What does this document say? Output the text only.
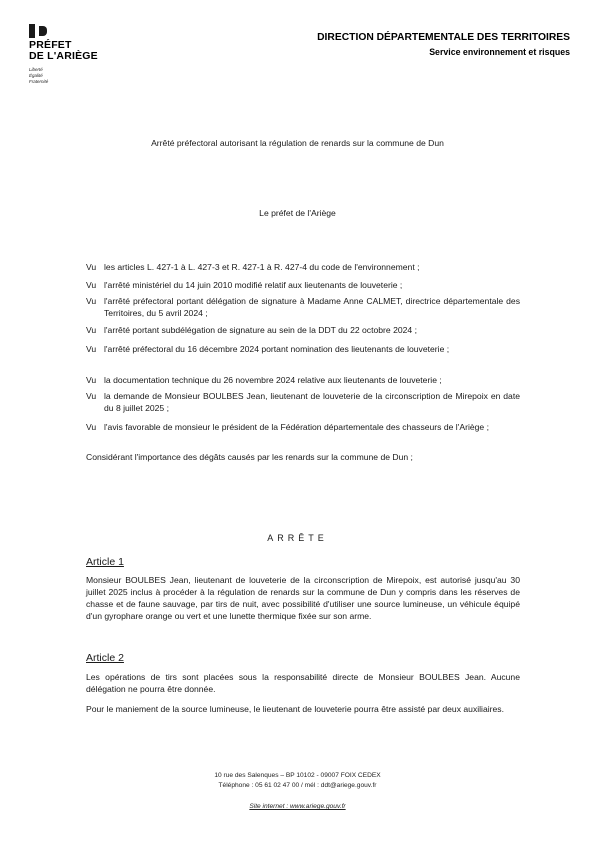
PRÉFET
DE L'ARIÈGE
Liberté
Égalité
Fraternité
DIRECTION DÉPARTEMENTALE DES TERRITOIRES
Service environnement et risques
Arrêté préfectoral autorisant la régulation de renards sur la commune de Dun
Le préfet de l'Ariège
Vu les articles L. 427-1 à L. 427-3 et R. 427-1 à R. 427-4 du code de l'environnement ;
Vu l'arrêté ministériel du 14 juin 2010 modifié relatif aux lieutenants de louveterie ;
Vu l'arrêté préfectoral portant délégation de signature à Madame Anne CALMET, directrice départementale des Territoires, du 5 avril 2024 ;
Vu l'arrêté portant subdélégation de signature au sein de la DDT du 22 octobre 2024 ;
Vu l'arrêté préfectoral du 16 décembre 2024 portant nomination des lieutenants de louveterie ;
Vu la documentation technique du 26 novembre 2024 relative aux lieutenants de louveterie ;
Vu la demande de Monsieur BOULBES Jean, lieutenant de louveterie de la circonscription de Mirepoix en date du 8 juillet 2025 ;
Vu l'avis favorable de monsieur le président de la Fédération départementale des chasseurs de l'Ariège ;
Considérant l'importance des dégâts causés par les renards sur la commune de Dun ;
ARRÊTE
Article 1
Monsieur BOULBES Jean, lieutenant de louveterie de la circonscription de Mirepoix, est autorisé jusqu'au 30 juillet 2025 inclus à procéder à la régulation de renards sur la commune de Dun y compris dans les réserves de chasse et de faune sauvage, par tirs de nuit, avec possibilité d'utiliser une source lumineuse, un véhicule équipé d'un gyrophare orange ou vert et une lunette thermique fixée sur son arme.
Article 2
Les opérations de tirs sont placées sous la responsabilité directe de Monsieur BOULBES Jean. Aucune délégation ne pourra être donnée.
Pour le maniement de la source lumineuse, le lieutenant de louveterie pourra être assisté par deux auxiliaires.
10 rue des Salenques – BP 10102 - 09007 FOIX CEDEX
Téléphone : 05 61 02 47 00 / mél : ddt@ariege.gouv.fr
Site internet : www.ariege.gouv.fr
